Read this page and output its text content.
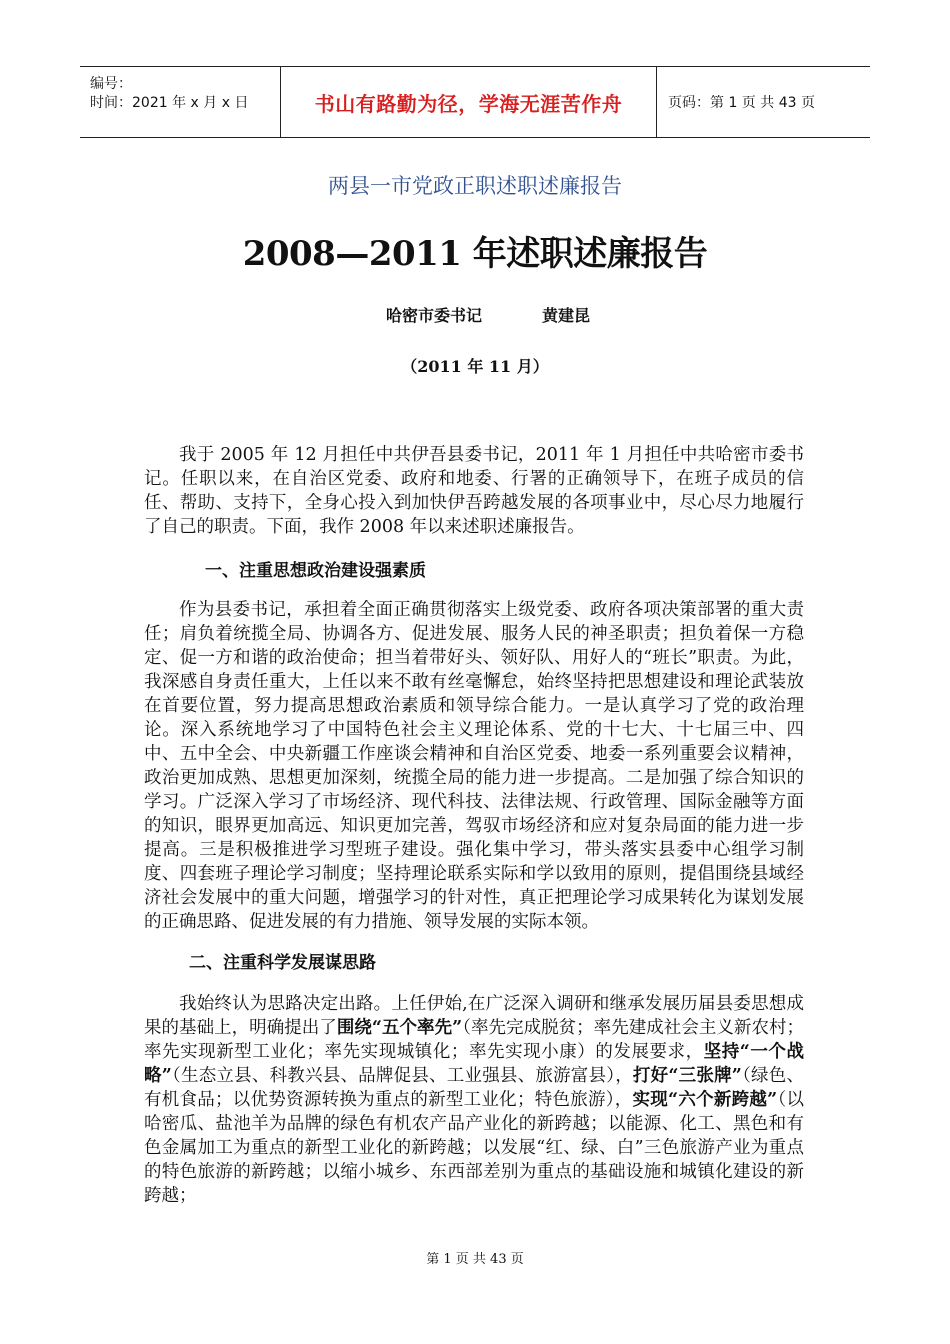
编号：
时间：2021 年 x 月 x 日	书山有路勤为径，学海无涯苦作舟	页码：第 1 页 共 43 页
两县一市党政正职述职述廉报告
2008—2011 年述职述廉报告
哈密市委书记	黄建昆
（2011 年 11 月）
我于 2005 年 12 月担任中共伊吾县委书记，2011 年 1 月担任中共哈密市委书记。任职以来，在自治区党委、政府和地委、行署的正确领导下，在班子成员的信任、帮助、支持下，全身心投入到加快伊吾跨越发展的各项事业中，尽心尽力地履行了自己的职责。下面，我作 2008 年以来述职述廉报告。
一、注重思想政治建设强素质
作为县委书记，承担着全面正确贯彻落实上级党委、政府各项决策部署的重大责任；肩负着统揽全局、协调各方、促进发展、服务人民的神圣职责；担负着保一方稳定、促一方和谐的政治使命；担当着带好头、领好队、用好人的“班长”职责。为此，我深感自身责任重大，上任以来不敢有丝毫懈怠，始终坚持把思想建设和理论武装放在首要位置，努力提高思想政治素质和领导综合能力。一是认真学习了党的政治理论。深入系统地学习了中国特色社会主义理论体系、党的十七大、十七届三中、四中、五中全会、中央新疆工作座谈会精神和自治区党委、地委一系列重要会议精神，政治更加成熟、思想更加深刻，统揽全局的能力进一步提高。二是加强了综合知识的学习。广泛深入学习了市场经济、现代科技、法律法规、行政管理、国际金融等方面的知识，眼界更加高远、知识更加完善，驾驭市场经济和应对复杂局面的能力进一步提高。三是积极推进学习型班子建设。强化集中学习，带头落实县委中心组学习制度、四套班子理论学习制度；坚持理论联系实际和学以致用的原则，提倡围绕县域经济社会发展中的重大问题，增强学习的针对性，真正把理论学习成果转化为谋划发展的正确思路、促进发展的有力措施、领导发展的实际本领。
二、注重科学发展谋思路
我始终认为思路决定出路。上任伊始,在广泛深入调研和继承发展历届县委思想成果的基础上，明确提出了围绕“五个率先”（率先完成脱贫；率先建成社会主义新农村；率先实现新型工业化；率先实现城镇化；率先实现小康）的发展要求，坚持“一个战略”（生态立县、科教兴县、品牌促县、工业强县、旅游富县），打好“三张牌”（绿色、有机食品；以优势资源转换为重点的新型工业化；特色旅游），实现“六个新跨越”（以哈密瓜、盐池羊为品牌的绿色有机农产品产业化的新跨越；以能源、化工、黑色和有色金属加工为重点的新型工业化的新跨越；以发展“红、绿、白”三色旅游产业为重点的特色旅游的新跨越；以缩小城乡、东西部差别为重点的基础设施和城镇化建设的新跨越；
第 1 页 共 43 页
